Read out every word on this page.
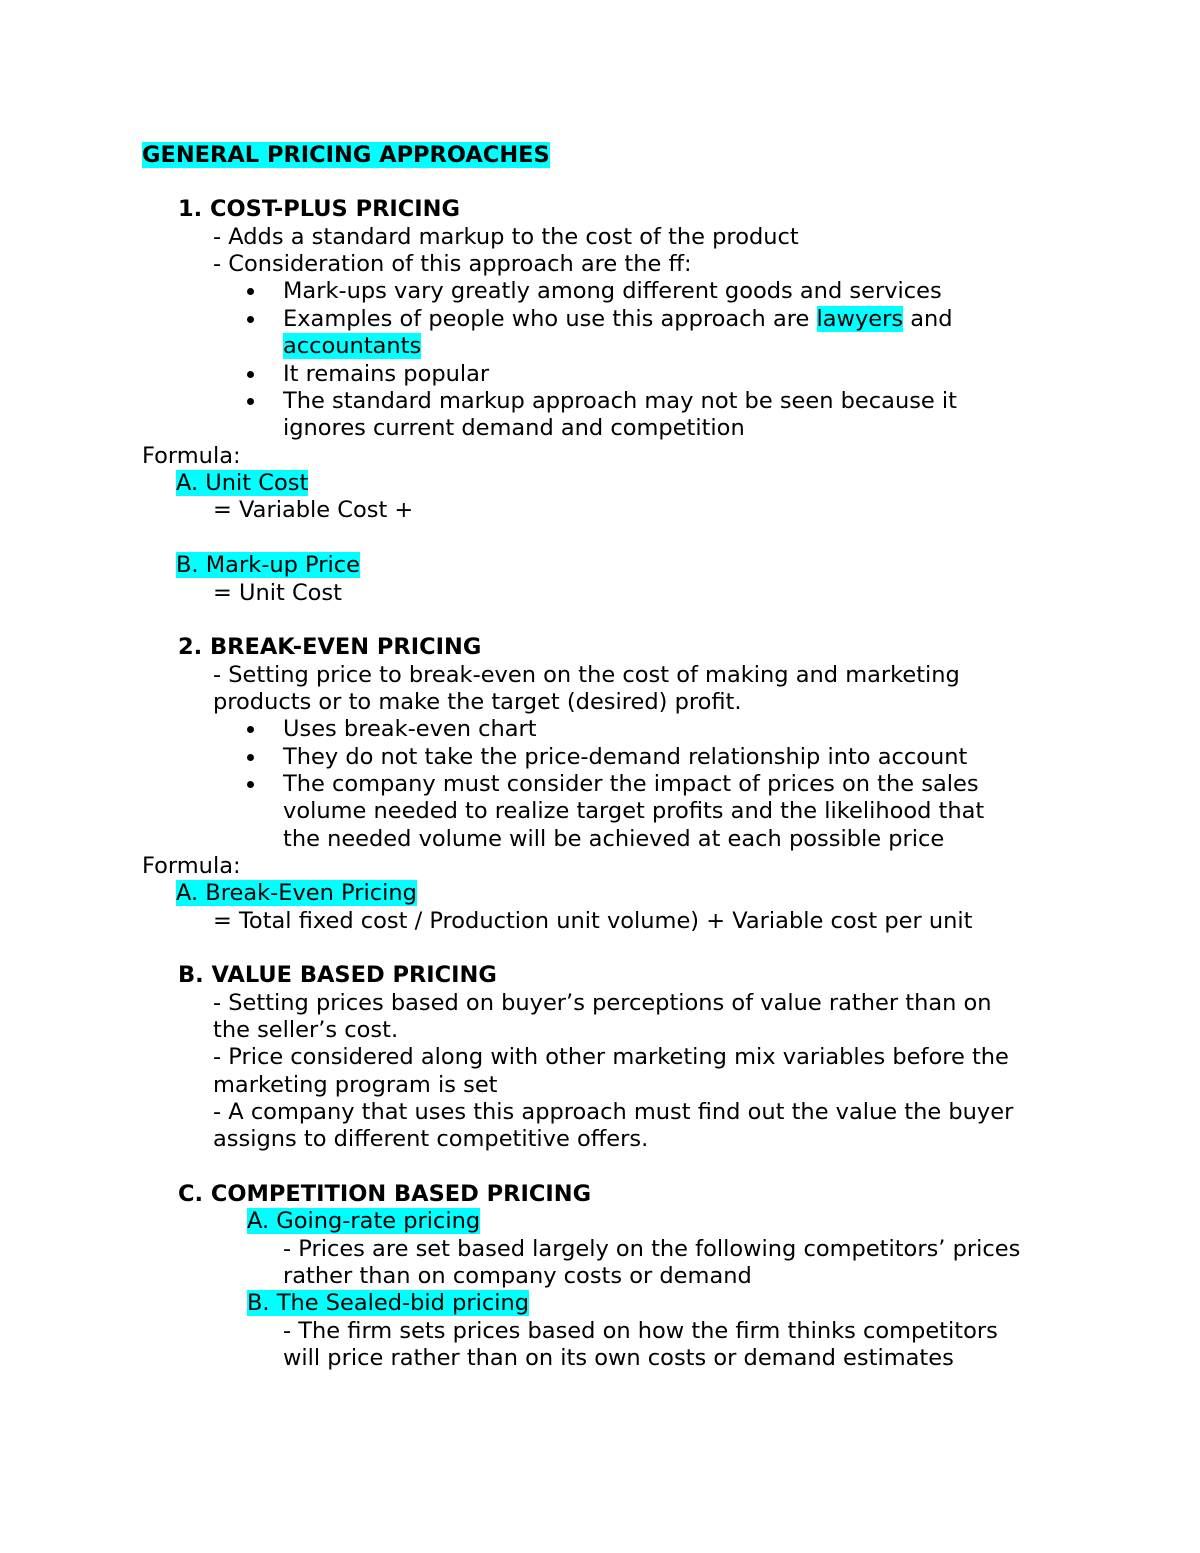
GENERAL PRICING APPROACHES
1. COST-PLUS PRICING
- Adds a standard markup to the cost of the product
- Consideration of this approach are the ff:
Mark-ups vary greatly among different goods and services
Examples of people who use this approach are lawyers and
accountants
It remains popular
The standard markup approach may not be seen because it
ignores current demand and competition
Formula:
A. Unit Cost
= Variable Cost +
B. Mark-up Price
= Unit Cost
2. BREAK-EVEN PRICING
- Setting price to break-even on the cost of making and marketing
products or to make the target (desired) profit.
Uses break-even chart
They do not take the price-demand relationship into account
The company must consider the impact of prices on the sales
volume needed to realize target profits and the likelihood that
the needed volume will be achieved at each possible price
Formula:
A. Break-Even Pricing
= Total fixed cost / Production unit volume) + Variable cost per unit
B. VALUE BASED PRICING
- Setting prices based on buyer’s perceptions of value rather than on
the seller’s cost.
- Price considered along with other marketing mix variables before the
marketing program is set
- A company that uses this approach must find out the value the buyer
assigns to different competitive offers.
C. COMPETITION BASED PRICING
A. Going-rate pricing
- Prices are set based largely on the following competitors’ prices
rather than on company costs or demand
B. The Sealed-bid pricing
- The firm sets prices based on how the firm thinks competitors
will price rather than on its own costs or demand estimates
